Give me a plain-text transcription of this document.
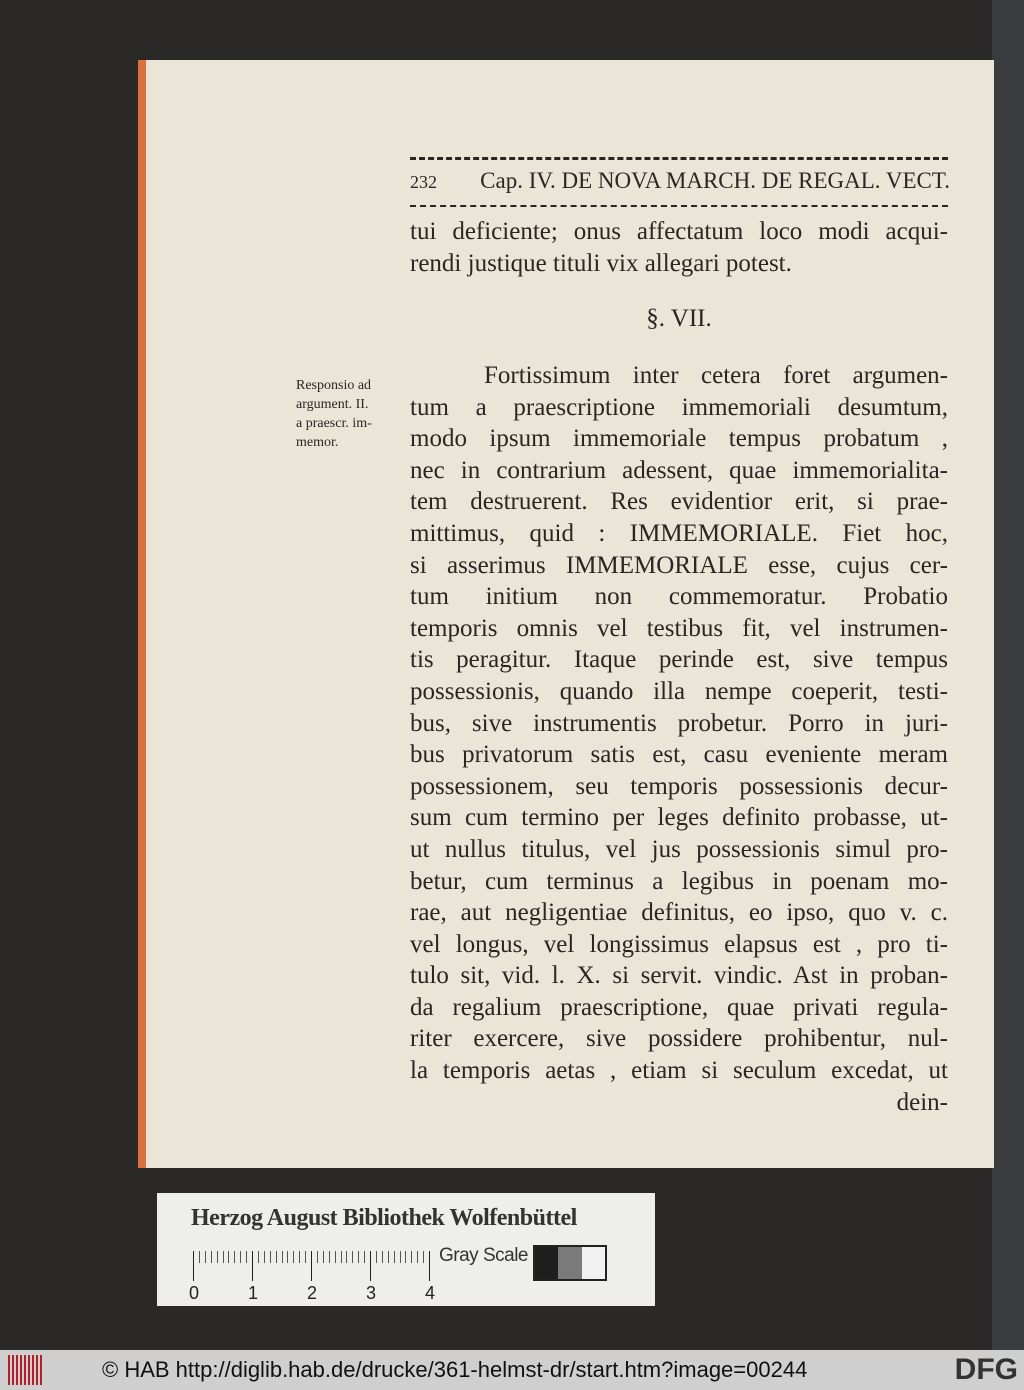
232 Cap. IV. DE NOVA MARCH. DE REGAL. VECT.
tui deficiente; onus affectatum loco modi acqui-
rendi justique tituli vix allegari potest.
§. VII.
Responsio ad
argument. II.
a praescr. im-
memor.
Fortissimum inter cetera foret argumen-
tum a praescriptione immemoriali desumtum,
modo ipsum immemoriale tempus probatum ,
nec in contrarium adessent, quae immemorialita-
tem destruerent. Res evidentior erit, si prae-
mittimus, quid : IMMEMORIALE. Fiet hoc,
si asserimus IMMEMORIALE esse, cujus cer-
tum initium non commemoratur. Probatio
temporis omnis vel testibus fit, vel instrumen-
tis peragitur. Itaque perinde est, sive tempus
possessionis, quando illa nempe coeperit, testi-
bus, sive instrumentis probetur. Porro in juri-
bus privatorum satis est, casu eveniente meram
possessionem, seu temporis possessionis decur-
sum cum termino per leges definito probasse, ut-
ut nullus titulus, vel jus possessionis simul pro-
betur, cum terminus a legibus in poenam mo-
rae, aut negligentiae definitus, eo ipso, quo v. c.
vel longus, vel longissimus elapsus est , pro ti-
tulo sit, vid. l. X. si servit. vindic. Ast in proban-
da regalium praescriptione, quae privati regula-
riter exercere, sive possidere prohibentur, nul-
la temporis aetas , etiam si seculum excedat, ut
dein-
Herzog August Bibliothek Wolfenbüttel
0	1	2	3	4
Gray Scale
© HAB http://diglib.hab.de/drucke/361-helmst-dr/start.htm?image=00244	DFG
